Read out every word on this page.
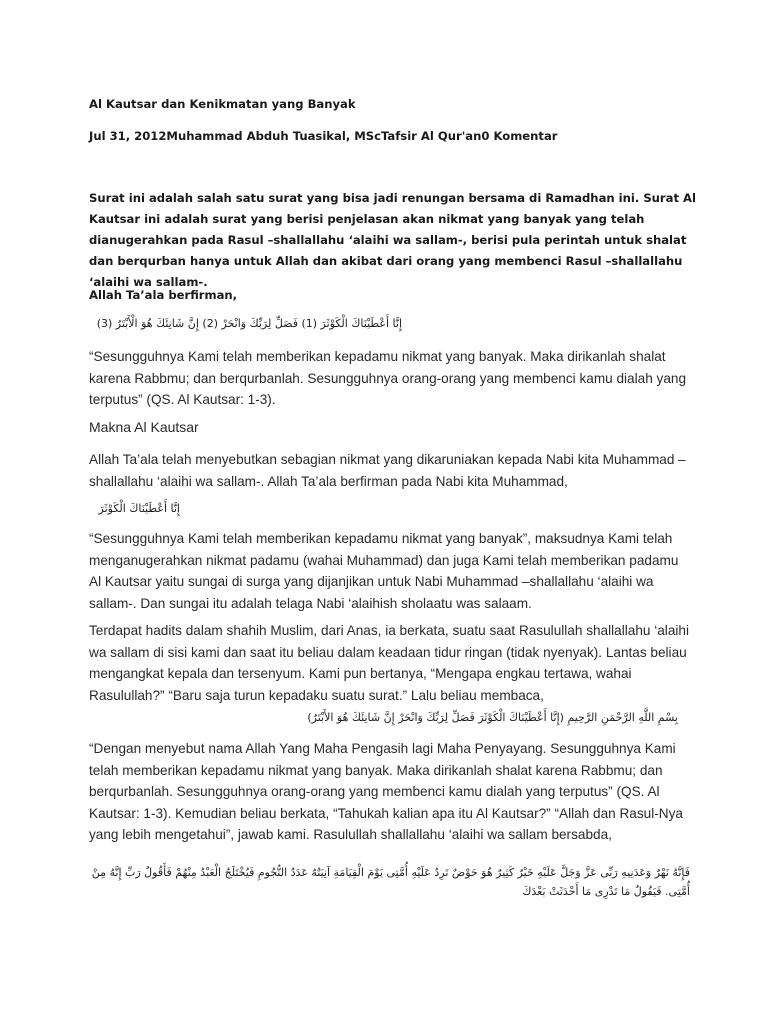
Al Kautsar dan Kenikmatan yang Banyak

Jul 31, 2012Muhammad Abduh Tuasikal, MScTafsir Al Qur'an0 Komentar

Surat ini adalah salah satu surat yang bisa jadi renungan bersama di Ramadhan ini. Surat Al Kautsar ini adalah surat yang berisi penjelasan akan nikmat yang banyak yang telah dianugerahkan pada Rasul –shallallahu ‘alaihi wa sallam-, berisi pula perintah untuk shalat dan berqurban hanya untuk Allah dan akibat dari orang yang membenci Rasul –shallallahu ‘alaihi wa sallam-.

Allah Ta’ala berfirman,

إِنَّا أَعْطَيْنَاكَ الْكَوْثَرَ (1) فَصَلِّ لِرَبِّكَ وَانْحَرْ (2) إِنَّ شَانِئَكَ هُوَ الْأَبْتَرُ (3)

“Sesungguhnya Kami telah memberikan kepadamu nikmat yang banyak. Maka dirikanlah shalat karena Rabbmu; dan berqurbanlah. Sesungguhnya orang-orang yang membenci kamu dialah yang terputus” (QS. Al Kautsar: 1-3).

Makna Al Kautsar

Allah Ta’ala telah menyebutkan sebagian nikmat yang dikaruniakan kepada Nabi kita Muhammad –shallallahu ‘alaihi wa sallam-. Allah Ta’ala berfirman pada Nabi kita Muhammad,

إِنَّا أَعْطَيْنَاكَ الْكَوْثَرَ

“Sesungguhnya Kami telah memberikan kepadamu nikmat yang banyak”, maksudnya Kami telah menganugerahkan nikmat padamu (wahai Muhammad) dan juga Kami telah memberikan padamu Al Kautsar yaitu sungai di surga yang dijanjikan untuk Nabi Muhammad –shallallahu ‘alaihi wa sallam-. Dan sungai itu adalah telaga Nabi ‘alaihish sholaatu was salaam.

Terdapat hadits dalam shahih Muslim, dari Anas, ia berkata, suatu saat Rasulullah shallallahu ‘alaihi wa sallam di sisi kami dan saat itu beliau dalam keadaan tidur ringan (tidak nyenyak). Lantas beliau mengangkat kepala dan tersenyum. Kami pun bertanya, “Mengapa engkau tertawa, wahai Rasulullah?” “Baru saja turun kepadaku suatu surat.” Lalu beliau membaca,

بِسْمِ اللَّهِ الرَّحْمَنِ الرَّحِيمِ (إِنَّا أَعْطَيْنَاكَ الْكَوْثَرَ فَصَلِّ لِرَبِّكَ وَانْحَرْ إِنَّ شَانِئَكَ هُوَ الأَبْتَرُ)

“Dengan menyebut nama Allah Yang Maha Pengasih lagi Maha Penyayang. Sesungguhnya Kami telah memberikan kepadamu nikmat yang banyak. Maka dirikanlah shalat karena Rabbmu; dan berqurbanlah. Sesungguhnya orang-orang yang membenci kamu dialah yang terputus” (QS. Al Kautsar: 1-3). Kemudian beliau berkata, “Tahukah kalian apa itu Al Kautsar?” “Allah dan Rasul-Nya yang lebih mengetahui”, jawab kami. Rasulullah shallallahu ‘alaihi wa sallam bersabda,

فَإِنَّهُ نَهْرٌ وَعَدَنِيهِ رَبِّى عَزَّ وَجَلَّ عَلَيْهِ خَيْرٌ كَثِيرٌ هُوَ حَوْضٌ تَرِدُ عَلَيْهِ أُمَّتِى يَوْمَ الْقِيَامَةِ آنِيَتُهُ عَدَدُ النُّجُومِ فَيُخْتَلَجُ الْعَبْدُ مِنْهُمْ فَأَقُولُ رَبِّ إِنَّهُ مِنْ أُمَّتِى. فَيَقُولُ مَا تَدْرِى مَا أَحْدَثَتْ بَعْدَكَ
